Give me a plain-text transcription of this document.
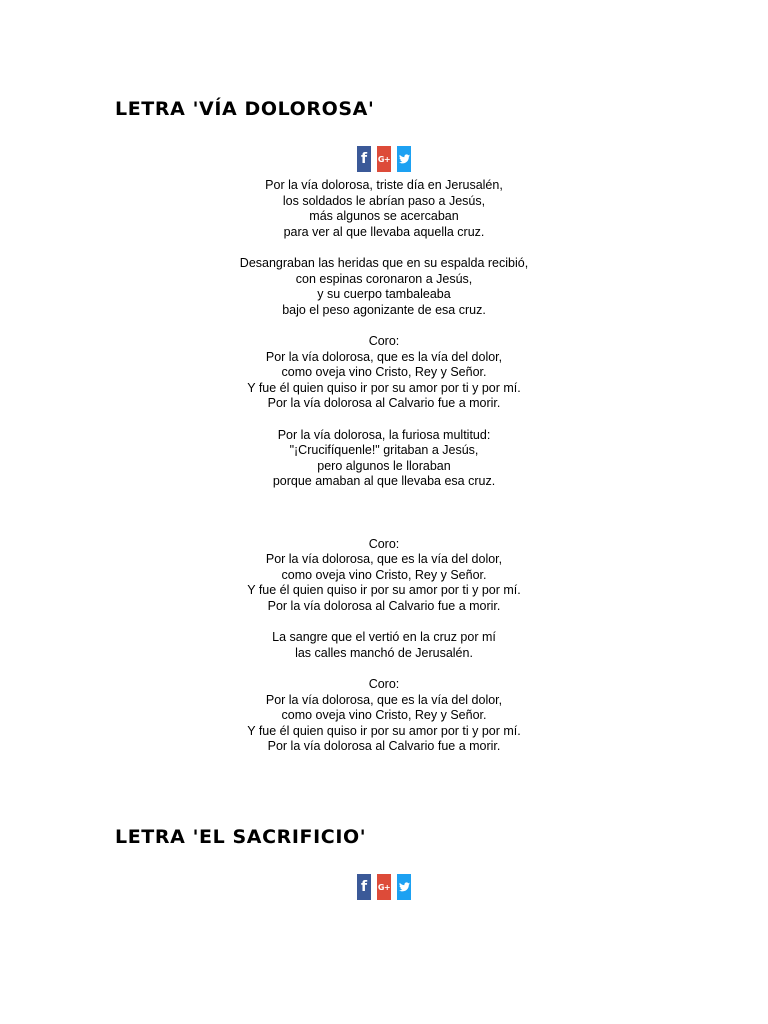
LETRA 'VÍA DOLOROSA'
f G+

Por la vía dolorosa, triste día en Jerusalén,
los soldados le abrían paso a Jesús,
más algunos se acercaban
para ver al que llevaba aquella cruz.

Desangraban las heridas que en su espalda recibió,
con espinas coronaron a Jesús,
y su cuerpo tambaleaba
bajo el peso agonizante de esa cruz.

Coro:
Por la vía dolorosa, que es la vía del dolor,
como oveja vino Cristo, Rey y Señor.
Y fue él quien quiso ir por su amor por ti y por mí.
Por la vía dolorosa al Calvario fue a morir.

Por la vía dolorosa, la furiosa multitud:
"¡Crucifíquenle!" gritaban a Jesús,
pero algunos le lloraban
porque amaban al que llevaba esa cruz.

Coro:
Por la vía dolorosa, que es la vía del dolor,
como oveja vino Cristo, Rey y Señor.
Y fue él quien quiso ir por su amor por ti y por mí.
Por la vía dolorosa al Calvario fue a morir.

La sangre que el vertió en la cruz por mí
las calles manchó de Jerusalén.

Coro:
Por la vía dolorosa, que es la vía del dolor,
como oveja vino Cristo, Rey y Señor.
Y fue él quien quiso ir por su amor por ti y por mí.
Por la vía dolorosa al Calvario fue a morir.

LETRA 'EL SACRIFICIO'
f G+
